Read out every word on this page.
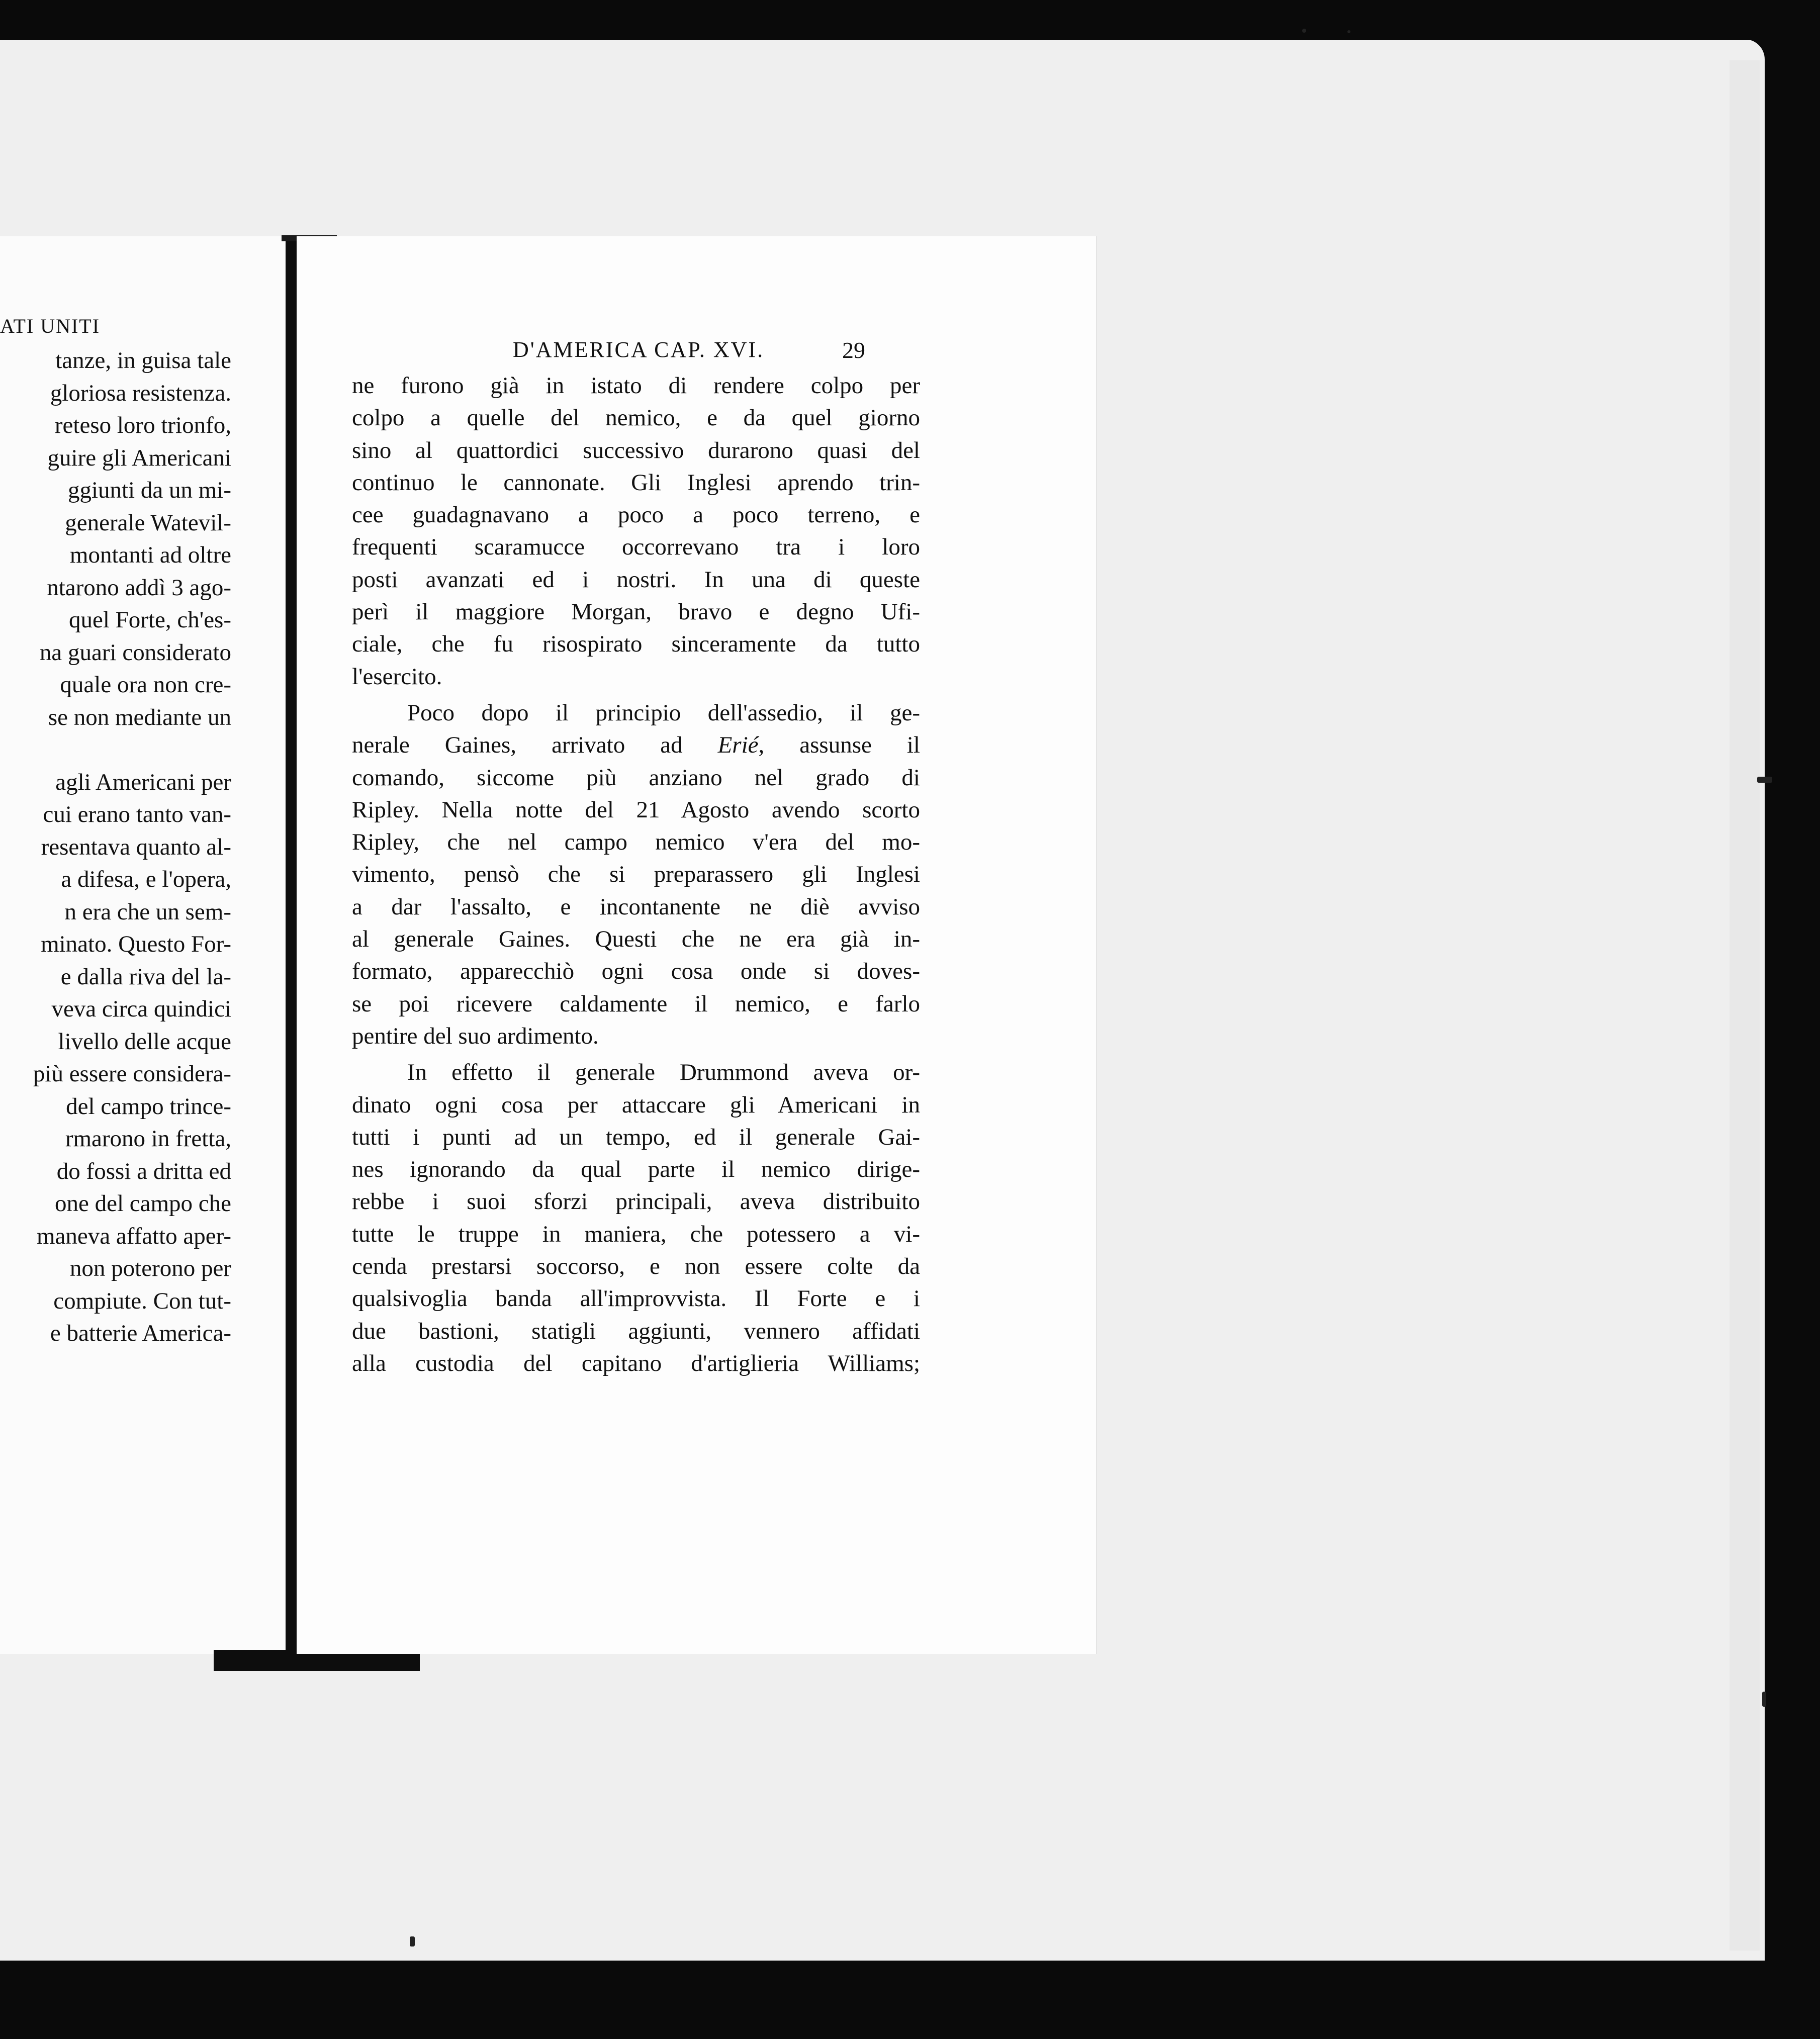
ATI UNITI
tanze, in guisa tale
gloriosa resistenza.
reteso loro trionfo,
guire gli Americani
ggiunti da un mi-
generale Watevil-
montanti ad oltre
ntarono addì 3 ago-
quel Forte, ch'es-
na guari considerato
quale ora non cre-
se non mediante un
agli Americani per
cui erano tanto van-
resentava quanto al-
a difesa, e l'opera,
n era che un sem-
minato. Questo For-
e dalla riva del la-
veva circa quindici
livello delle acque
più essere considera-
del campo trince-
rmarono in fretta,
do fossi a dritta ed
one del campo che
maneva affatto aper-
non poterono per
compiute. Con tut-
e batterie America-
D'AMERICA CAP. XVI.	29
ne furono già in istato di rendere colpo per
colpo a quelle del nemico, e da quel giorno
sino al quattordici successivo durarono quasi del
continuo le cannonate. Gli Inglesi aprendo trin-
cee guadagnavano a poco a poco terreno, e
frequenti scaramucce occorrevano tra i loro
posti avanzati ed i nostri. In una di queste
perì il maggiore Morgan, bravo e degno Ufi-
ciale, che fu risospirato sinceramente da tutto
l'esercito.
Poco dopo il principio dell'assedio, il ge-
nerale Gaines, arrivato ad Erié, assunse il
comando, siccome più anziano nel grado di
Ripley. Nella notte del 21 Agosto avendo scorto
Ripley, che nel campo nemico v'era del mo-
vimento, pensò che si preparassero gli Inglesi
a dar l'assalto, e incontanente ne diè avviso
al generale Gaines. Questi che ne era già in-
formato, apparecchiò ogni cosa onde si doves-
se poi ricevere caldamente il nemico, e farlo
pentire del suo ardimento.
In effetto il generale Drummond aveva or-
dinato ogni cosa per attaccare gli Americani in
tutti i punti ad un tempo, ed il generale Gai-
nes ignorando da qual parte il nemico dirige-
rebbe i suoi sforzi principali, aveva distribuito
tutte le truppe in maniera, che potessero a vi-
cenda prestarsi soccorso, e non essere colte da
qualsivoglia banda all'improvvista. Il Forte e i
due bastioni, statigli aggiunti, vennero affidati
alla custodia del capitano d'artiglieria Williams;
